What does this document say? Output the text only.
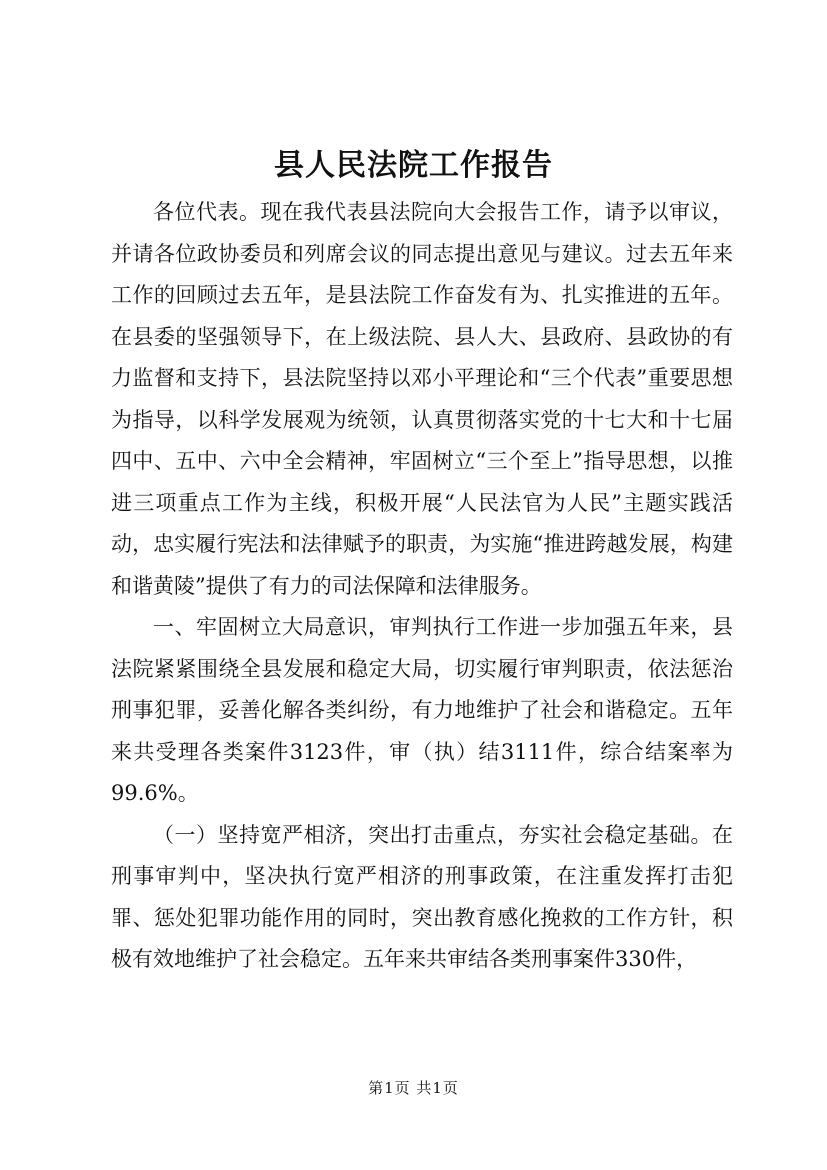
县人民法院工作报告

各位代表。现在我代表县法院向大会报告工作，请予以审议，并请各位政协委员和列席会议的同志提出意见与建议。过去五年来工作的回顾过去五年，是县法院工作奋发有为、扎实推进的五年。在县委的坚强领导下，在上级法院、县人大、县政府、县政协的有力监督和支持下，县法院坚持以邓小平理论和“三个代表”重要思想为指导，以科学发展观为统领，认真贯彻落实党的十七大和十七届四中、五中、六中全会精神，牢固树立“三个至上”指导思想，以推进三项重点工作为主线，积极开展“人民法官为人民”主题实践活动，忠实履行宪法和法律赋予的职责，为实施“推进跨越发展，构建和谐黄陵”提供了有力的司法保障和法律服务。

一、牢固树立大局意识，审判执行工作进一步加强五年来，县法院紧紧围绕全县发展和稳定大局，切实履行审判职责，依法惩治刑事犯罪，妥善化解各类纠纷，有力地维护了社会和谐稳定。五年来共受理各类案件3123件，审（执）结3111件，综合结案率为99.6%。

（一）坚持宽严相济，突出打击重点，夯实社会稳定基础。在刑事审判中，坚决执行宽严相济的刑事政策，在注重发挥打击犯罪、惩处犯罪功能作用的同时，突出教育感化挽救的工作方针，积极有效地维护了社会稳定。五年来共审结各类刑事案件330件，

第1页 共1页
